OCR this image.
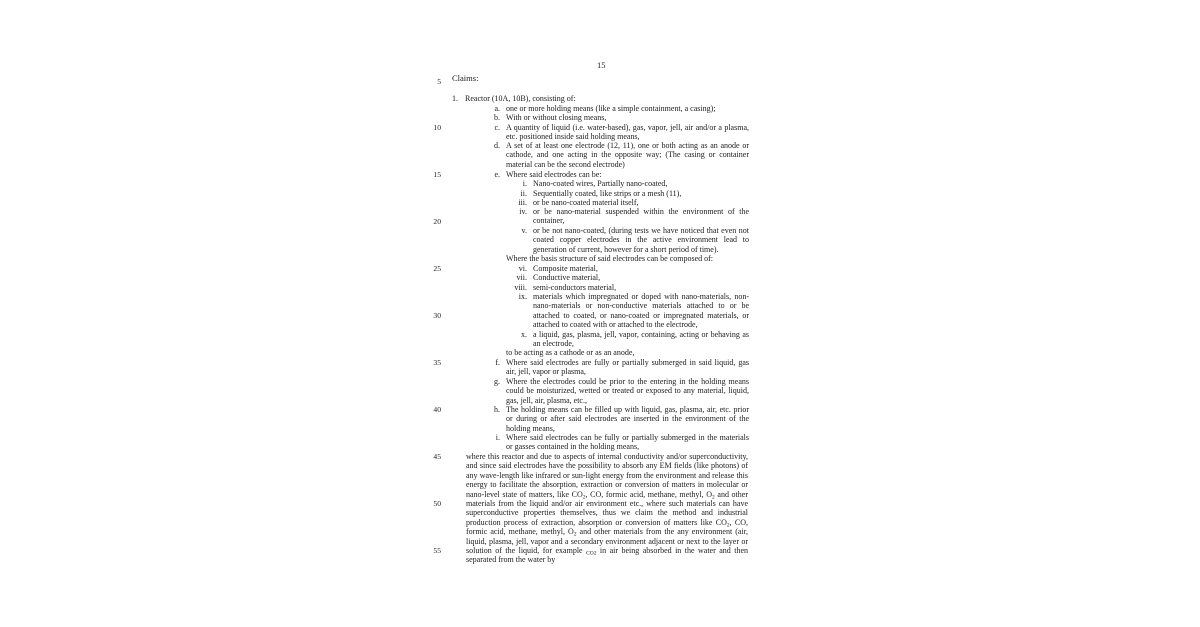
15
5
10
15
20
25
30
35
40
45
50
55
Claims:
1. Reactor (10A, 10B), consisting of:
a. one or more holding means (like a simple containment, a casing);
b. With or without closing means,
c. A quantity of liquid (i.e. water-based), gas, vapor, jell, air and/or a plasma, etc. positioned inside said holding means,
d. A set of at least one electrode (12, 11), one or both acting as an anode or cathode, and one acting in the opposite way; (The casing or container material can be the second electrode)
e. Where said electrodes can be:
i. Nano-coated wires, Partially nano-coated,
ii. Sequentially coated, like strips or a mesh (11),
iii. or be nano-coated material itself,
iv. or be nano-material suspended within the environment of the container,
v. or be not nano-coated, (during tests we have noticed that even not coated copper electrodes in the active environment lead to generation of current, however for a short period of time).
Where the basis structure of said electrodes can be composed of:
vi. Composite material,
vii. Conductive material,
viii. semi-conductors material,
ix. materials which impregnated or doped with nano-materials, non-nano-materials or non-conductive materials attached to or be attached to coated, or nano-coated or impregnated materials, or attached to coated with or attached to the electrode,
x. a liquid, gas, plasma, jell, vapor, containing, acting or behaving as an electrode,
to be acting as a cathode or as an anode,
f. Where said electrodes are fully or partially submerged in said liquid, gas air, jell, vapor or plasma,
g. Where the electrodes could be prior to the entering in the holding means could be moisturized, wetted or treated or exposed to any material, liquid, gas, jell, air, plasma, etc.,
h. The holding means can be filled up with liquid, gas, plasma, air, etc. prior or during or after said electrodes are inserted in the environment of the holding means,
i. Where said electrodes can be fully or partially submerged in the materials or gasses contained in the holding means,
where this reactor and due to aspects of internal conductivity and/or superconductivity, and since said electrodes have the possibility to absorb any EM fields (like photons) of any wave-length like infrared or sun-light energy from the environment and release this energy to facilitate the absorption, extraction or conversion of matters in molecular or nano-level state of matters, like $CO_2$, CO, formic acid, methane, methyl, $O_2$ and other materials from the liquid and/or air environment etc., where such materials can have superconductive properties themselves, thus we claim the method and industrial production process of extraction, absorption or conversion of matters like $CO_2$, CO, formic acid, methane, methyl, $O_2$ and other materials from the any environment (air, liquid, plasma, jell, vapor and a secondary environment adjacent or next to the layer or solution of the liquid, for example $_{CO2}$ in air being absorbed in the water and then separated from the water by
